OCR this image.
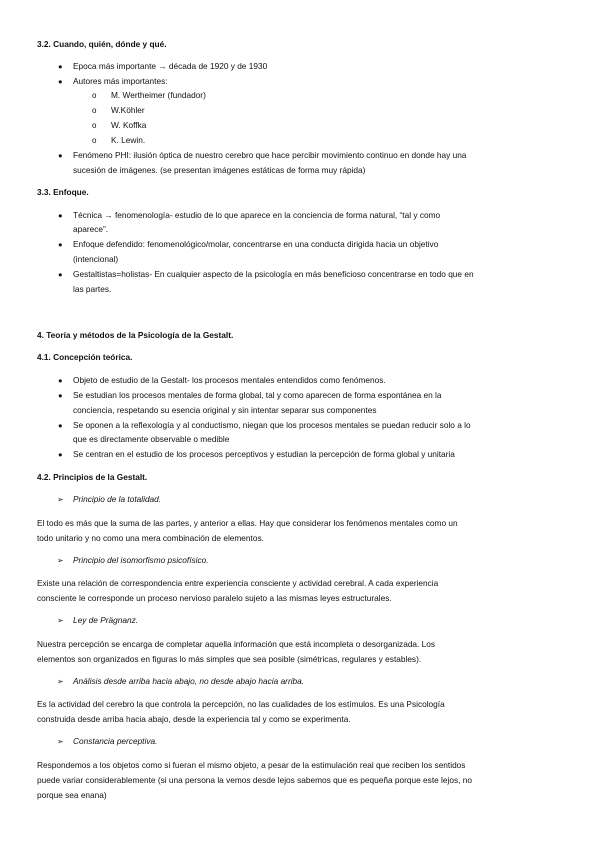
3.2. Cuando, quién, dónde y qué.
● Epoca más importante → década de 1920 y de 1930
● Autores más importantes:
o M. Wertheimer (fundador)
o W.Köhler
o W. Koffka
o K. Lewin.
● Fenómeno PHI: ilusión óptica de nuestro cerebro que hace percibir movimiento continuo en donde hay una
sucesión de imágenes. (se presentan imágenes estáticas de forma muy rápida)
3.3. Enfoque.
● Técnica → fenomenología- estudio de lo que aparece en la conciencia de forma natural, “tal y como
aparece”.
● Enfoque defendido: fenomenológico/molar, concentrarse en una conducta dirigida hacia un objetivo
(intencional)
● Gestaltistas=holistas- En cualquier aspecto de la psicología en más beneficioso concentrarse en todo que en
las partes.
4. Teoría y métodos de la Psicología de la Gestalt.
4.1. Concepción teórica.
● Objeto de estudio de la Gestalt- los procesos mentales entendidos como fenómenos.
● Se estudian los procesos mentales de forma global, tal y como aparecen de forma espontánea en la
conciencia, respetando su esencia original y sin intentar separar sus componentes
● Se oponen a la reflexología y al conductismo, niegan que los procesos mentales se puedan reducir solo a lo
que es directamente observable o medible
● Se centran en el estudio de los procesos perceptivos y estudian la percepción de forma global y unitaria
4.2. Principios de la Gestalt.
➢ Principio de la totalidad.
El todo es más que la suma de las partes, y anterior a ellas. Hay que considerar los fenómenos mentales como un
todo unitario y no como una mera combinación de elementos.
➢ Principio del isomorfismo psicofísico.
Existe una relación de correspondencia entre experiencia consciente y actividad cerebral. A cada experiencia
consciente le corresponde un proceso nervioso paralelo sujeto a las mismas leyes estructurales.
➢ Ley de Prägnanz.
Nuestra percepción se encarga de completar aquella información que está incompleta o desorganizada. Los
elementos son organizados en figuras lo más simples que sea posible (simétricas, regulares y estables).
➢ Análisis desde arriba hacia abajo, no desde abajo hacia arriba.
Es la actividad del cerebro la que controla la percepción, no las cualidades de los estímulos. Es una Psicología
construida desde arriba hacia abajo, desde la experiencia tal y como se experimenta.
➢ Constancia perceptiva.
Respondemos a los objetos como si fueran el mismo objeto, a pesar de la estimulación real que reciben los sentidos
puede variar considerablemente (si una persona la vemos desde lejos sabemos que es pequeña porque este lejos, no
porque sea enana)
